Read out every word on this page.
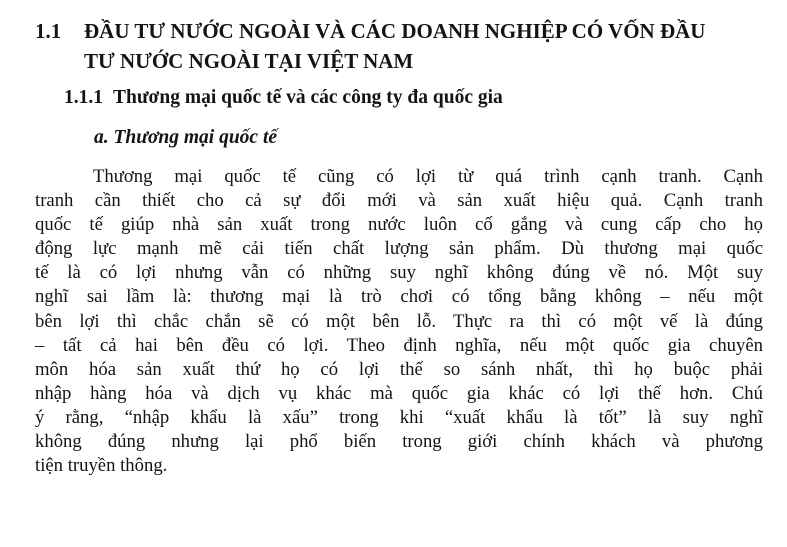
1.1 ĐẦU TƯ NƯỚC NGOÀI VÀ CÁC DOANH NGHIỆP CÓ VỐN ĐẦU
TƯ NƯỚC NGOÀI TẠI VIỆT NAM
1.1.1 Thương mại quốc tế và các công ty đa quốc gia
a. Thương mại quốc tế

Thương mại quốc tế cũng có lợi từ quá trình cạnh tranh. Cạnh
tranh cần thiết cho cả sự đổi mới và sản xuất hiệu quả. Cạnh tranh
quốc tế giúp nhà sản xuất trong nước luôn cố gắng và cung cấp cho họ
động lực mạnh mẽ cải tiến chất lượng sản phẩm. Dù thương mại quốc
tế là có lợi nhưng vẫn có những suy nghĩ không đúng về nó. Một suy
nghĩ sai lầm là: thương mại là trò chơi có tổng bằng không – nếu một
bên lợi thì chắc chắn sẽ có một bên lỗ. Thực ra thì có một vế là đúng
– tất cả hai bên đều có lợi. Theo định nghĩa, nếu một quốc gia chuyên
môn hóa sản xuất thứ họ có lợi thế so sánh nhất, thì họ buộc phải
nhập hàng hóa và dịch vụ khác mà quốc gia khác có lợi thế hơn. Chú
ý rằng, “nhập khẩu là xấu” trong khi “xuất khẩu là tốt” là suy nghĩ
không đúng nhưng lại phổ biến trong giới chính khách và phương
tiện truyền thông.
